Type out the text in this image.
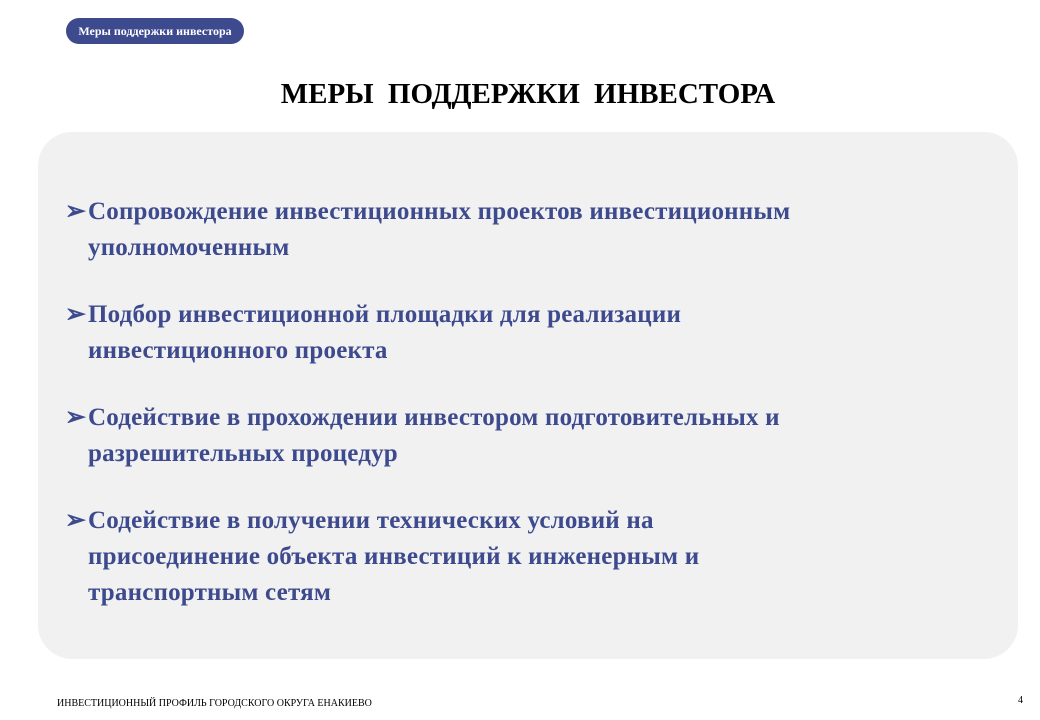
Меры поддержки инвестора
МЕРЫ ПОДДЕРЖКИ ИНВЕСТОРА
➢ Сопровождение инвестиционных проектов инвестиционным уполномоченным
➢ Подбор инвестиционной площадки для реализации инвестиционного проекта
➢ Содействие в прохождении инвестором подготовительных и разрешительных процедур
➢ Содействие в получении технических условий на присоединение объекта инвестиций к инженерным и транспортным сетям
ИНВЕСТИЦИОННЫЙ ПРОФИЛЬ ГОРОДСКОГО ОКРУГА ЕНАКИЕВО	4
